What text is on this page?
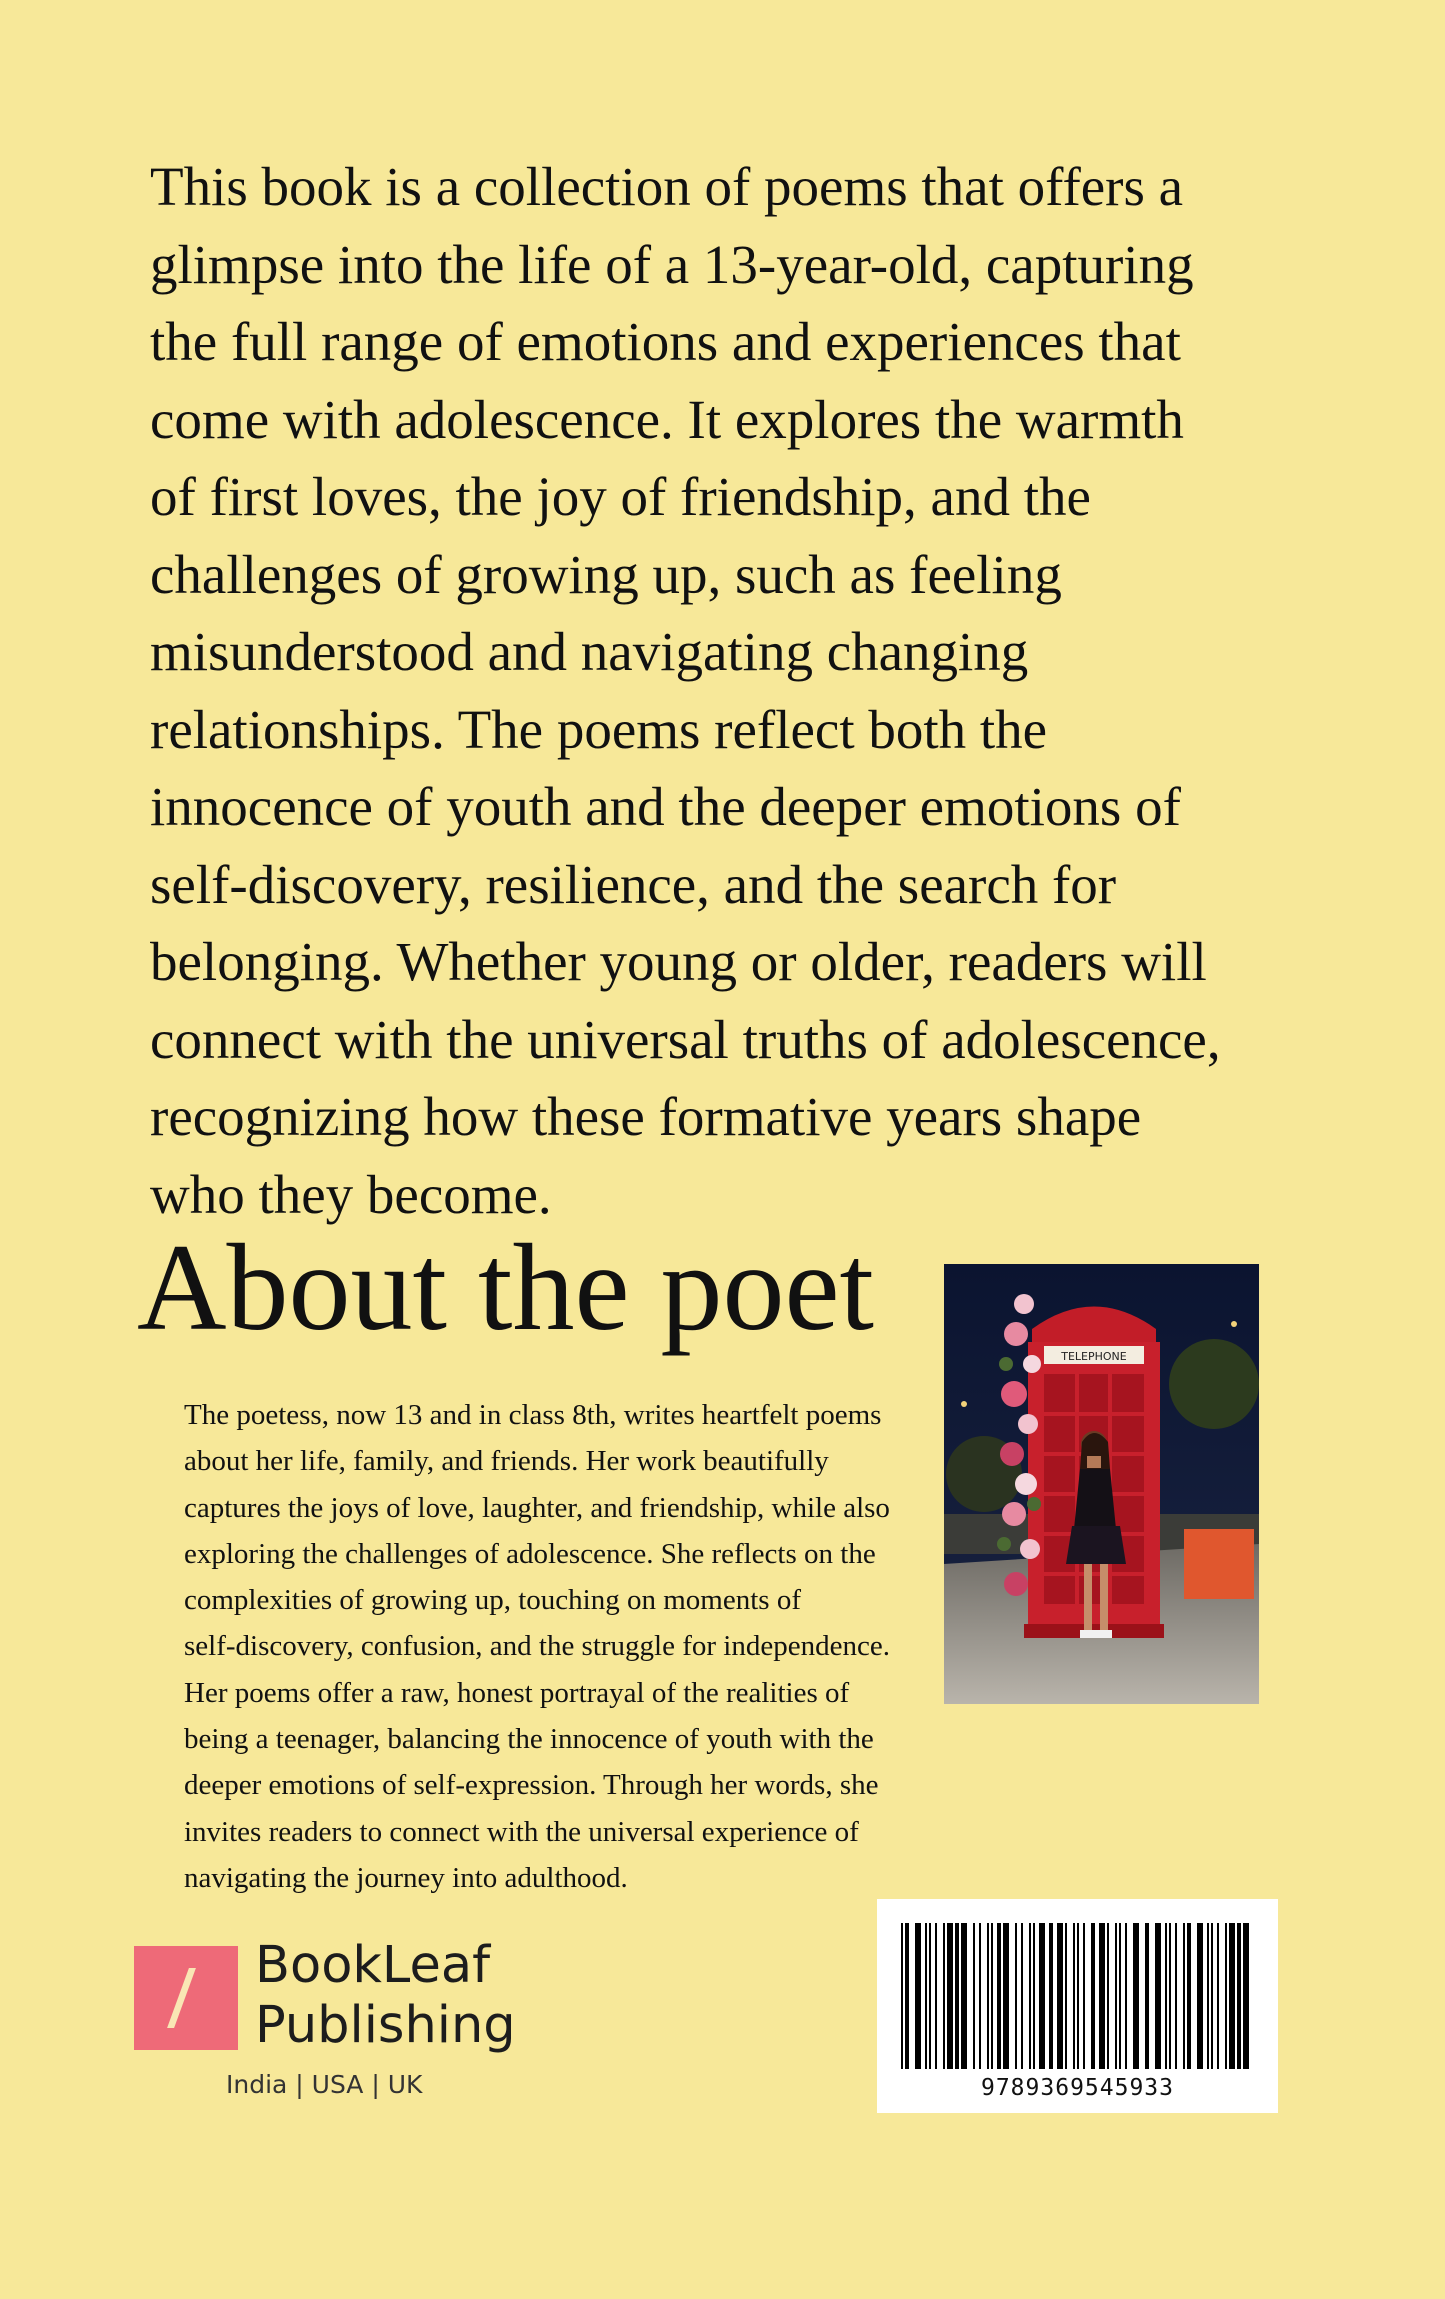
This book is a collection of poems that offers a
glimpse into the life of a 13-year-old, capturing
the full range of emotions and experiences that
come with adolescence. It explores the warmth
of first loves, the joy of friendship, and the
challenges of growing up, such as feeling
misunderstood and navigating changing
relationships. The poems reflect both the
innocence of youth and the deeper emotions of
self-discovery, resilience, and the search for
belonging. Whether young or older, readers will
connect with the universal truths of adolescence,
recognizing how these formative years shape
who they become.
About the poet
The poetess, now 13 and in class 8th, writes heartfelt poems
about her life, family, and friends. Her work beautifully
captures the joys of love, laughter, and friendship, while also
exploring the challenges of adolescence. She reflects on the
complexities of growing up, touching on moments of
self-discovery, confusion, and the struggle for independence.
Her poems offer a raw, honest portrayal of the realities of
being a teenager, balancing the innocence of youth with the
deeper emotions of self-expression. Through her words, she
invites readers to connect with the universal experience of
navigating the journey into adulthood.
TELEPHONE
BookLeaf
Publishing
India | USA | UK	9789369545933
